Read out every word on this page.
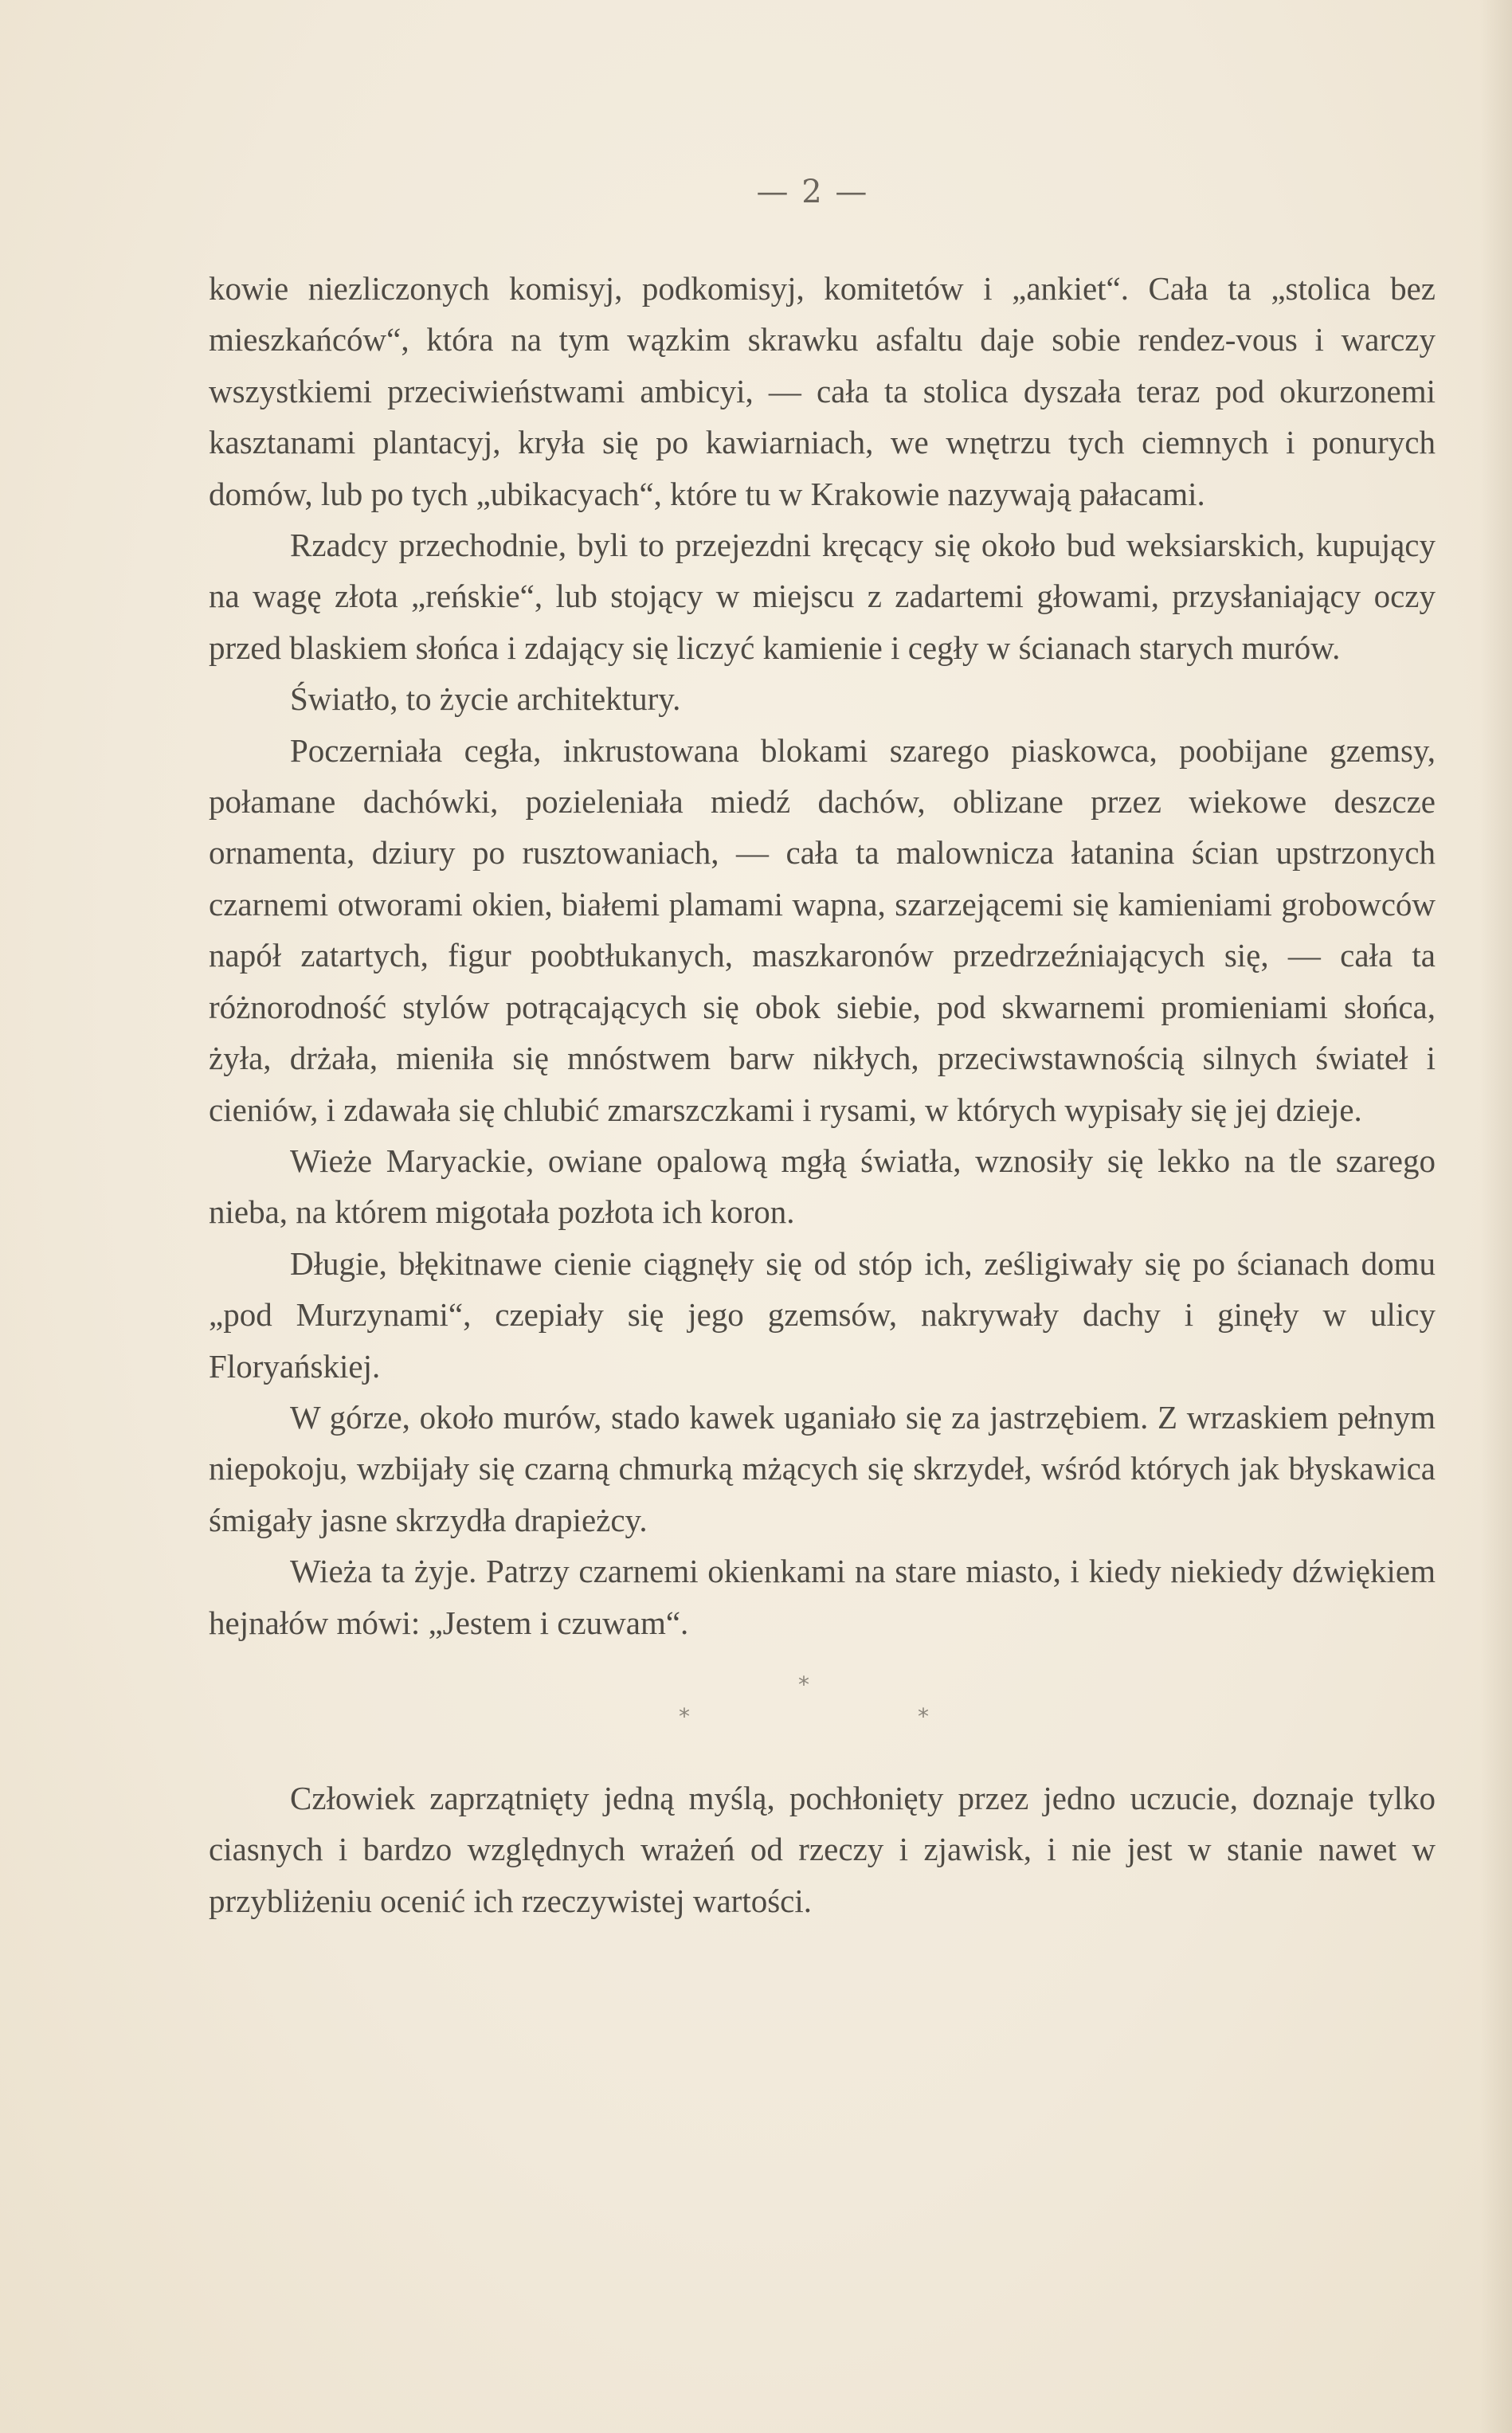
— 2 —

kowie niezliczonych komisyj, podkomisyj, komitetów i „ankiet“. Cała ta „stolica bez mieszkańców“, która na tym wązkim skrawku asfaltu daje sobie rendez-vous i warczy wszystkiemi przeciwieństwami ambicyi, — cała ta stolica dyszała teraz pod okurzonemi kasztanami plantacyj, kryła się po kawiarniach, we wnętrzu tych ciemnych i ponurych domów, lub po tych „ubikacyach“, które tu w Krakowie nazywają pałacami.

Rzadcy przechodnie, byli to przejezdni kręcący się około bud weksiarskich, kupujący na wagę złota „reńskie“, lub stojący w miejscu z zadartemi głowami, przysłaniający oczy przed blaskiem słońca i zdający się liczyć kamienie i cegły w ścianach starych murów.

Światło, to życie architektury.

Poczerniała cegła, inkrustowana blokami szarego piaskowca, poobijane gzemsy, połamane dachówki, pozieleniała miedź dachów, oblizane przez wiekowe deszcze ornamenta, dziury po rusztowaniach, — cała ta malownicza łatanina ścian upstrzonych czarnemi otworami okien, białemi plamami wapna, szarzejącemi się kamieniami grobowców napół zatartych, figur poobtłukanych, maszkaronów przedrzeźniających się, — cała ta różnorodność stylów potrącających się obok siebie, pod skwarnemi promieniami słońca, żyła, drżała, mieniła się mnóstwem barw nikłych, przeciwstawnością silnych świateł i cieniów, i zdawała się chlubić zmarszczkami i rysami, w których wypisały się jej dzieje.

Wieże Maryackie, owiane opalową mgłą światła, wznosiły się lekko na tle szarego nieba, na którem migotała pozłota ich koron.

Długie, błękitnawe cienie ciągnęły się od stóp ich, ześligiwały się po ścianach domu „pod Murzynami“, czepiały się jego gzemsów, nakrywały dachy i ginęły w ulicy Floryańskiej.

W górze, około murów, stado kawek uganiało się za jastrzębiem. Z wrzaskiem pełnym niepokoju, wzbijały się czarną chmurką mżących się skrzydeł, wśród których jak błyskawica śmigały jasne skrzydła drapieżcy.

Wieża ta żyje. Patrzy czarnemi okienkami na stare miasto, i kiedy niekiedy dźwiękiem hejnałów mówi: „Jestem i czuwam“.

*
*	*

Człowiek zaprzątnięty jedną myślą, pochłonięty przez jedno uczucie, doznaje tylko ciasnych i bardzo względnych wrażeń od rzeczy i zjawisk, i nie jest w stanie nawet w przybliżeniu ocenić ich rzeczywistej wartości.
